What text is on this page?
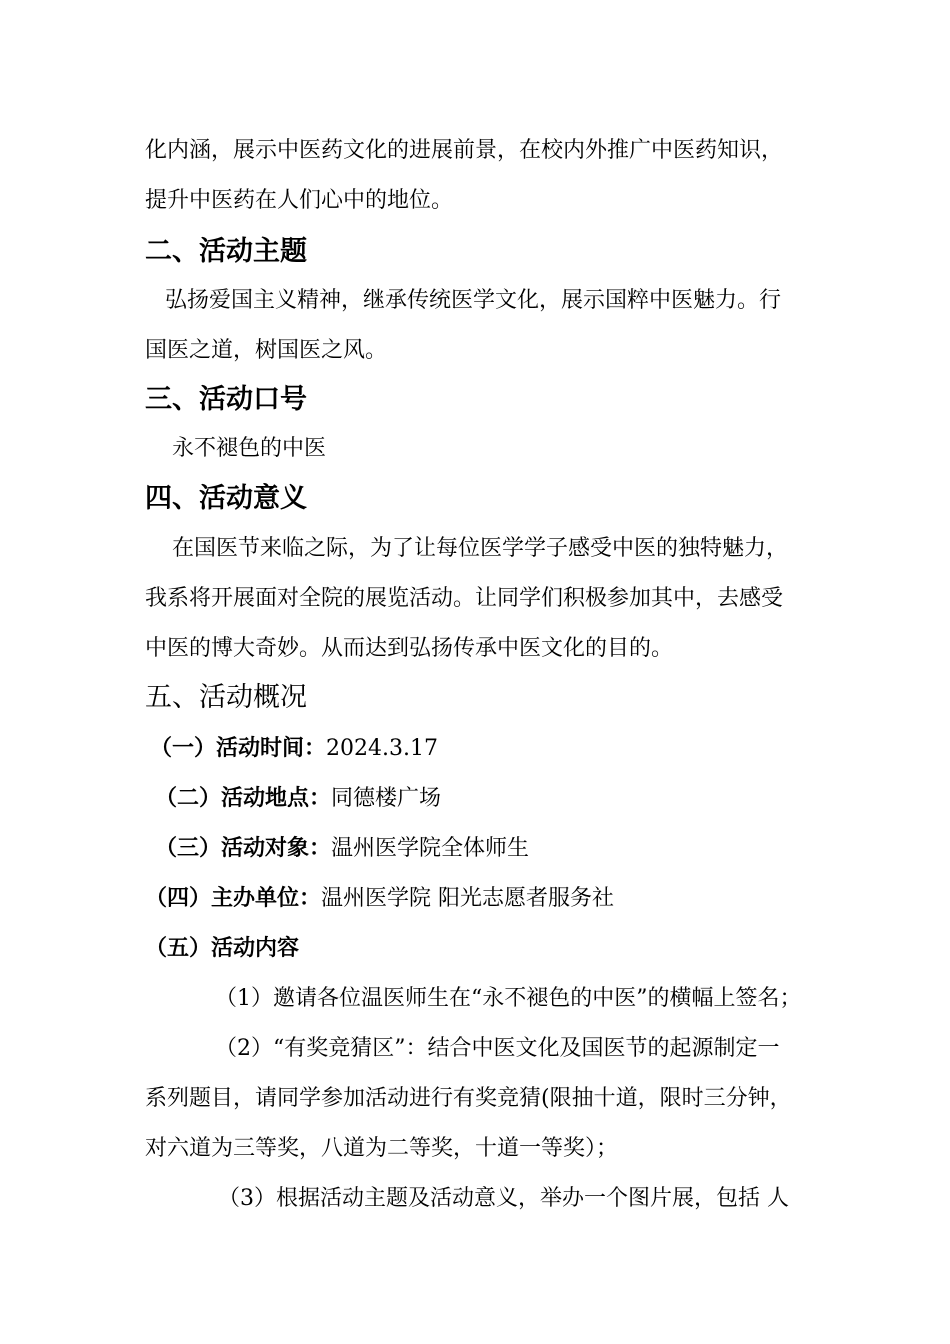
化内涵，展示中医药文化的进展前景，在校内外推广中医药知识，
提升中医药在人们心中的地位。
二、活动主题
弘扬爱国主义精神，继承传统医学文化，展示国粹中医魅力。行
国医之道，树国医之风。
三、活动口号
永不褪色的中医
四、活动意义
在国医节来临之际，为了让每位医学学子感受中医的独特魅力，
我系将开展面对全院的展览活动。让同学们积极参加其中，去感受
中医的博大奇妙。从而达到弘扬传承中医文化的目的。
五、活动概况
（一）活动时间：2024.3.17
（二）活动地点：同德楼广场
（三）活动对象：温州医学院全体师生
（四）主办单位：温州医学院 阳光志愿者服务社
（五）活动内容
（1）邀请各位温医师生在“永不褪色的中医”的横幅上签名；
（2）“有奖竞猜区”：结合中医文化及国医节的起源制定一
系列题目，请同学参加活动进行有奖竞猜(限抽十道，限时三分钟，
对六道为三等奖，八道为二等奖，十道一等奖）；
（3）根据活动主题及活动意义，举办一个图片展，包括 人
